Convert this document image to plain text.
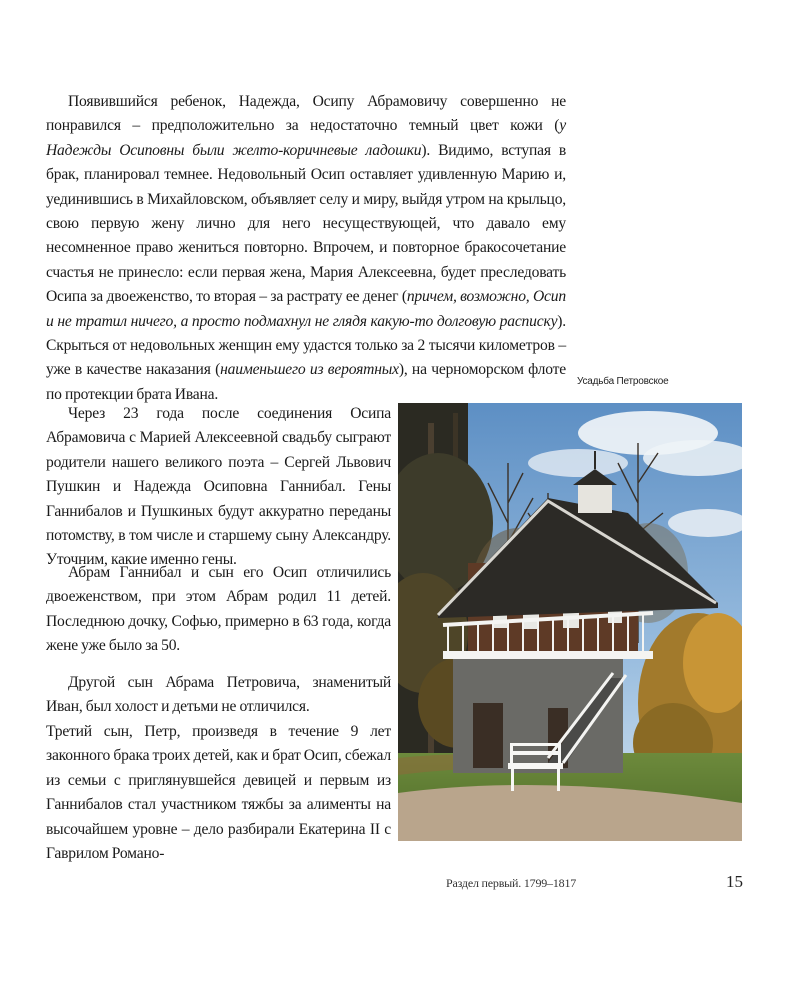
Появившийся ребенок, Надежда, Осипу Абрамовичу совершенно не понравился – предположительно за недостаточно темный цвет кожи (у Надежды Осиповны были желто-коричневые ладошки). Видимо, вступая в брак, планировал темнее. Недовольный Осип оставляет удивленную Марию и, уединившись в Михайловском, объявляет селу и миру, выйдя утром на крыльцо, свою первую жену лично для него несуществующей, что давало ему несомненное право жениться повторно. Впрочем, и повторное бракосочетание счастья не принесло: если первая жена, Мария Алексеевна, будет преследовать Осипа за двоеженство, то вторая – за растрату ее денег (причем, возможно, Осип и не тратил ничего, а просто подмахнул не глядя какую-то долговую расписку). Скрыться от недовольных женщин ему удастся только за 2 тысячи километров – уже в качестве наказания (наименьшего из вероятных), на черноморском флоте по протекции брата Ивана.

Усадьба Петровское

Через 23 года после соединения Осипа Абрамовича с Марией Алексеевной свадьбу сыграют родители нашего великого поэта – Сергей Львович Пушкин и Надежда Осиповна Ганнибал. Гены Ганнибалов и Пушкиных будут аккуратно переданы потомству, в том числе и старшему сыну Александру. Уточним, какие именно гены.

Абрам Ганнибал и сын его Осип отличились двоеженством, при этом Абрам родил 11 детей. Последнюю дочку, Софью, примерно в 63 года, когда жене уже было за 50.

Другой сын Абрама Петровича, знаменитый Иван, был холост и детьми не отличился.

Третий сын, Петр, произведя в течение 9 лет законного брака троих детей, как и брат Осип, сбежал из семьи с приглянувшейся девицей и первым из Ганнибалов стал участником тяжбы за алименты на высочайшем уровне – дело разбирали Екатерина II с Гаврилом Романо-

Раздел первый. 1799–1817	15
